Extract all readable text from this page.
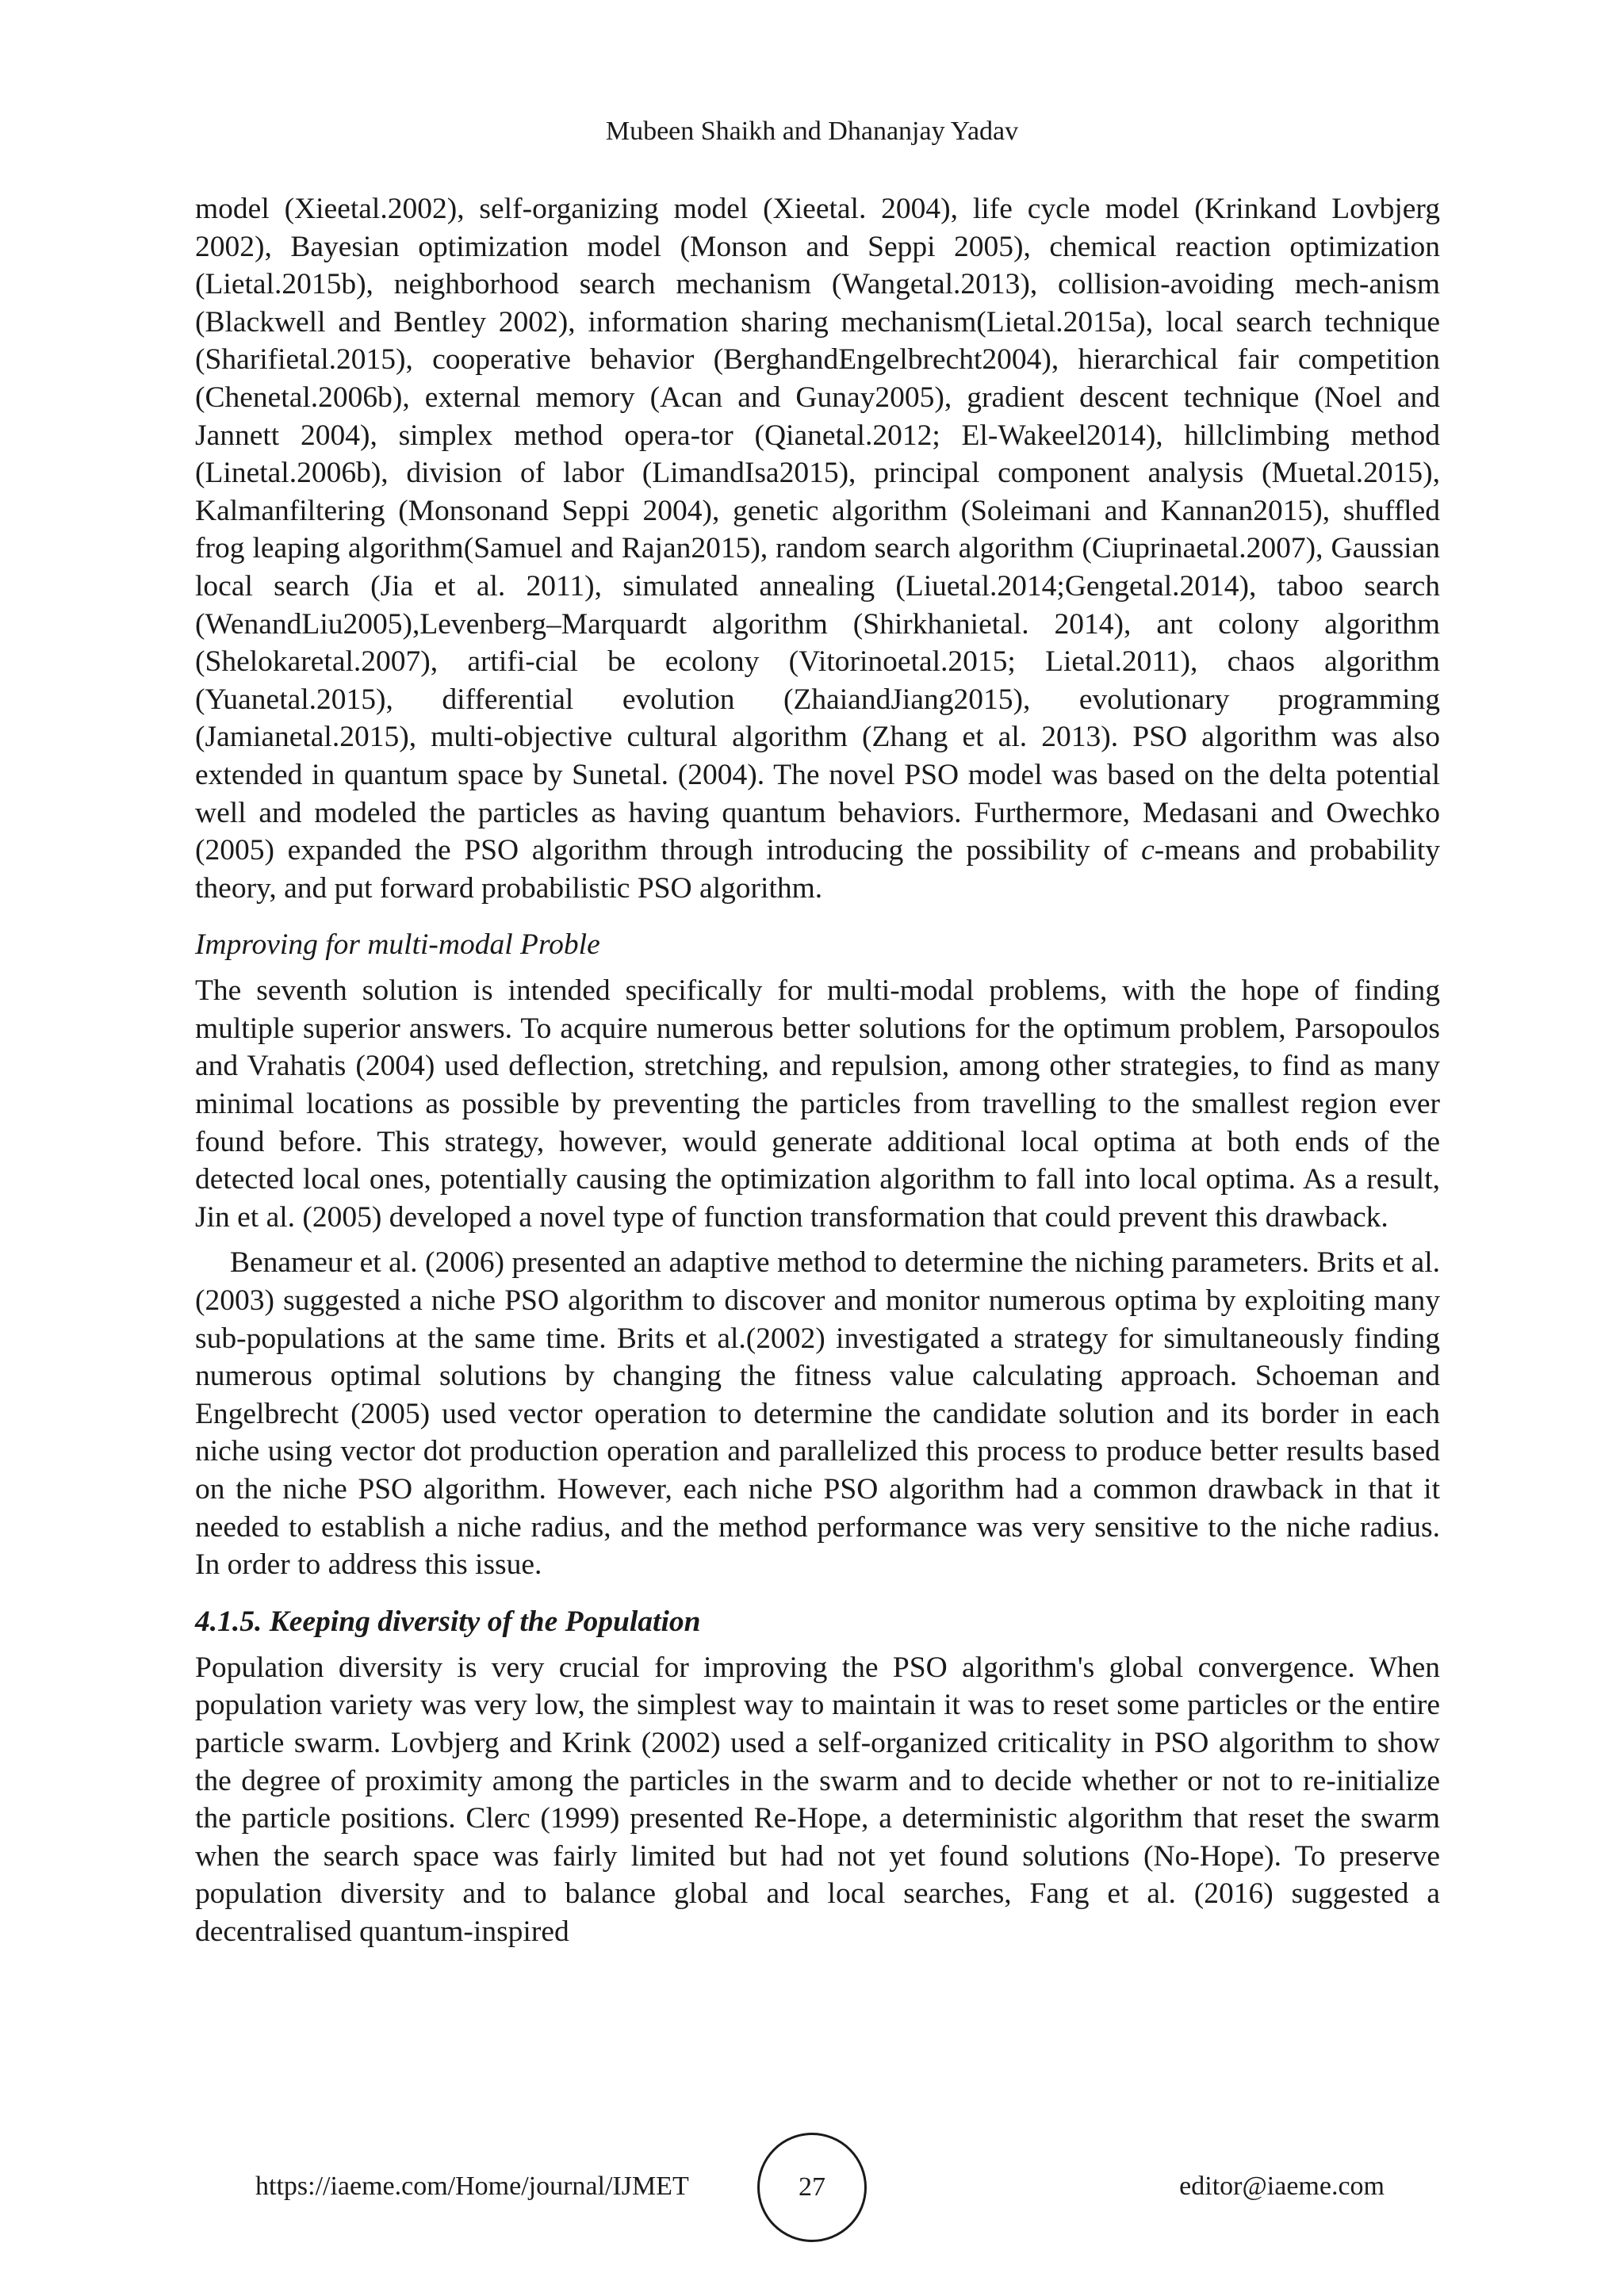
Mubeen Shaikh and Dhananjay Yadav

model (Xieetal.2002), self-organizing model (Xieetal. 2004), life cycle model (Krinkand Lovbjerg 2002), Bayesian optimization model (Monson and Seppi 2005), chemical reaction optimization (Lietal.2015b), neighborhood search mechanism (Wangetal.2013), collision-avoiding mech-anism (Blackwell and Bentley 2002), information sharing mechanism(Lietal.2015a), local search technique (Sharifietal.2015), cooperative behavior (BerghandEngelbrecht2004), hierarchical fair competition (Chenetal.2006b), external memory (Acan and Gunay2005), gradient descent technique (Noel and Jannett 2004), simplex method opera-tor (Qianetal.2012; El-Wakeel2014), hillclimbing method (Linetal.2006b), division of labor (LimandIsa2015), principal component analysis (Muetal.2015), Kalmanfiltering (Monsonand Seppi 2004), genetic algorithm (Soleimani and Kannan2015), shuffled frog leaping algorithm(Samuel and Rajan2015), random search algorithm (Ciuprinaetal.2007), Gaussian local search (Jia et al. 2011), simulated annealing (Liuetal.2014;Gengetal.2014), taboo search (WenandLiu2005),Levenberg–Marquardt algorithm (Shirkhanietal. 2014), ant colony algorithm (Shelokaretal.2007), artifi-cial be ecolony (Vitorinoetal.2015; Lietal.2011), chaos algorithm (Yuanetal.2015), differential evolution (ZhaiandJiang2015), evolutionary programming (Jamianetal.2015), multi-objective cultural algorithm (Zhang et al. 2013). PSO algorithm was also extended in quantum space by Sunetal. (2004). The novel PSO model was based on the delta potential well and modeled the particles as having quantum behaviors. Furthermore, Medasani and Owechko (2005) expanded the PSO algorithm through introducing the possibility of c-means and probability theory, and put forward probabilistic PSO algorithm.

Improving for multi-modal Proble

The seventh solution is intended specifically for multi-modal problems, with the hope of finding multiple superior answers. To acquire numerous better solutions for the optimum problem, Parsopoulos and Vrahatis (2004) used deflection, stretching, and repulsion, among other strategies, to find as many minimal locations as possible by preventing the particles from travelling to the smallest region ever found before. This strategy, however, would generate additional local optima at both ends of the detected local ones, potentially causing the optimization algorithm to fall into local optima. As a result, Jin et al. (2005) developed a novel type of function transformation that could prevent this drawback.

Benameur et al. (2006) presented an adaptive method to determine the niching parameters. Brits et al. (2003) suggested a niche PSO algorithm to discover and monitor numerous optima by exploiting many sub-populations at the same time. Brits et al.(2002) investigated a strategy for simultaneously finding numerous optimal solutions by changing the fitness value calculating approach. Schoeman and Engelbrecht (2005) used vector operation to determine the candidate solution and its border in each niche using vector dot production operation and parallelized this process to produce better results based on the niche PSO algorithm. However, each niche PSO algorithm had a common drawback in that it needed to establish a niche radius, and the method performance was very sensitive to the niche radius. In order to address this issue.

4.1.5. Keeping diversity of the Population

Population diversity is very crucial for improving the PSO algorithm's global convergence. When population variety was very low, the simplest way to maintain it was to reset some particles or the entire particle swarm. Lovbjerg and Krink (2002) used a self-organized criticality in PSO algorithm to show the degree of proximity among the particles in the swarm and to decide whether or not to re-initialize the particle positions. Clerc (1999) presented Re-Hope, a deterministic algorithm that reset the swarm when the search space was fairly limited but had not yet found solutions (No-Hope). To preserve population diversity and to balance global and local searches, Fang et al. (2016) suggested a decentralised quantum-inspired

https://iaeme.com/Home/journal/IJMET	27	editor@iaeme.com
